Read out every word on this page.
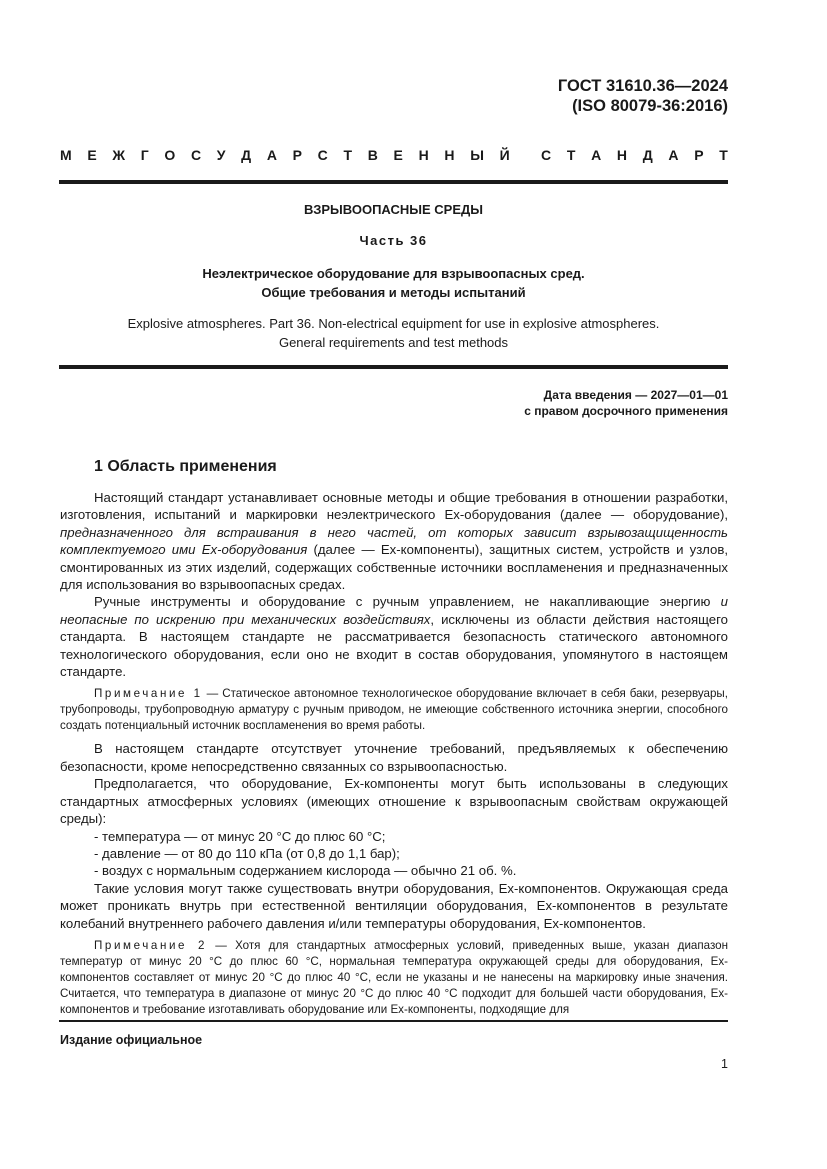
ГОСТ 31610.36—2024
(ISO 80079-36:2016)
М Е Ж Г О С У Д А Р С Т В Е Н Н Ы Й С Т А Н Д А Р Т
ВЗРЫВООПАСНЫЕ СРЕДЫ
Часть 36
Неэлектрическое оборудование для взрывоопасных сред.
Общие требования и методы испытаний
Explosive atmospheres. Part 36. Non-electrical equipment for use in explosive atmospheres.
General requirements and test methods
Дата введения — 2027—01—01
с правом досрочного применения
1 Область применения

Настоящий стандарт устанавливает основные методы и общие требования в отношении разработки, изготовления, испытаний и маркировки неэлектрического Ex-оборудования (далее — оборудование), предназначенного для встраивания в него частей, от которых зависит взрывозащищенность комплектуемого ими Ex-оборудования (далее — Ex-компоненты), защитных систем, устройств и узлов, смонтированных из этих изделий, содержащих собственные источники воспламенения и предназначенных для использования во взрывоопасных средах.

Ручные инструменты и оборудование с ручным управлением, не накапливающие энергию и неопасные по искрению при механических воздействиях, исключены из области действия настоящего стандарта. В настоящем стандарте не рассматривается безопасность статического автономного технологического оборудования, если оно не входит в состав оборудования, упомянутого в настоящем стандарте.

Примечание 1 — Статическое автономное технологическое оборудование включает в себя баки, резервуары, трубопроводы, трубопроводную арматуру с ручным приводом, не имеющие собственного источника энергии, способного создать потенциальный источник воспламенения во время работы.

В настоящем стандарте отсутствует уточнение требований, предъявляемых к обеспечению безопасности, кроме непосредственно связанных со взрывоопасностью.

Предполагается, что оборудование, Ex-компоненты могут быть использованы в следующих стандартных атмосферных условиях (имеющих отношение к взрывоопасным свойствам окружающей среды):

- температура — от минус 20 °С до плюс 60 °С;
- давление — от 80 до 110 кПа (от 0,8 до 1,1 бар);
- воздух с нормальным содержанием кислорода — обычно 21 об. %.

Такие условия могут также существовать внутри оборудования, Ex-компонентов. Окружающая среда может проникать внутрь при естественной вентиляции оборудования, Ex-компонентов в результате колебаний внутреннего рабочего давления и/или температуры оборудования, Ex-компонентов.

Примечание 2 — Хотя для стандартных атмосферных условий, приведенных выше, указан диапазон температур от минус 20 °С до плюс 60 °С, нормальная температура окружающей среды для оборудования, Ex-компонентов составляет от минус 20 °С до плюс 40 °С, если не указаны и не нанесены на маркировку иные значения. Считается, что температура в диапазоне от минус 20 °С до плюс 40 °С подходит для большей части оборудования, Ex-компонентов и требование изготавливать оборудование или Ex-компоненты, подходящие для

Издание официальное
1
